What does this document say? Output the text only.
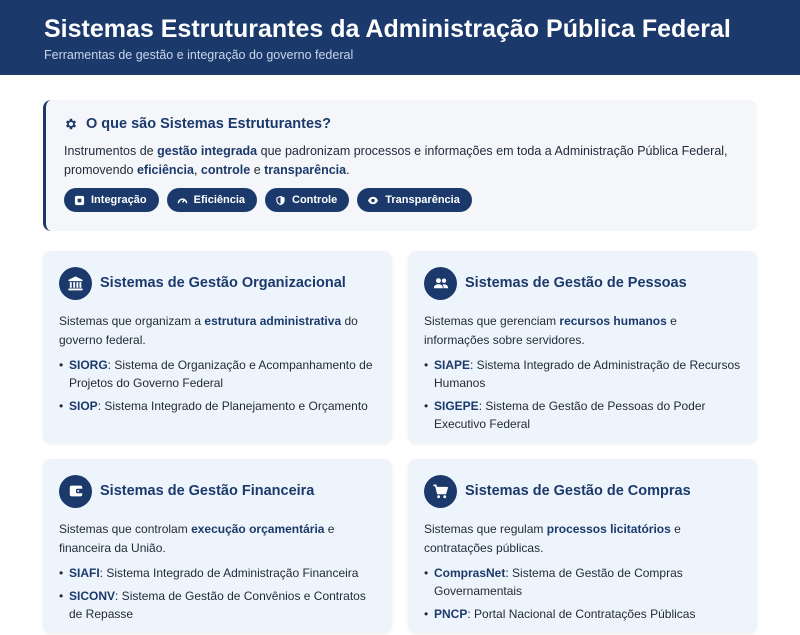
Sistemas Estruturantes da Administração Pública Federal

Ferramentas de gestão e integração do governo federal

O que são Sistemas Estruturantes?
Instrumentos de gestão integrada que padronizam processos e informações em toda a Administração Pública Federal, promovendo eficiência, controle e transparência.
Integração	Eficiência	Controle	Transparência
Sistemas de Gestão Organizacional
Sistemas que organizam a estrutura administrativa do governo federal.
• SIORG: Sistema de Organização e Acompanhamento de Projetos do Governo Federal
• SIOP: Sistema Integrado de Planejamento e Orçamento
Sistemas de Gestão de Pessoas
Sistemas que gerenciam recursos humanos e informações sobre servidores.
• SIAPE: Sistema Integrado de Administração de Recursos Humanos
• SIGEPE: Sistema de Gestão de Pessoas do Poder Executivo Federal
Sistemas de Gestão Financeira
Sistemas que controlam execução orçamentária e financeira da União.
• SIAFI: Sistema Integrado de Administração Financeira
• SICONV: Sistema de Gestão de Convênios e Contratos de Repasse
Sistemas de Gestão de Compras
Sistemas que regulam processos licitatórios e contratações públicas.
• ComprasNet: Sistema de Gestão de Compras Governamentais
• PNCP: Portal Nacional de Contratações Públicas
